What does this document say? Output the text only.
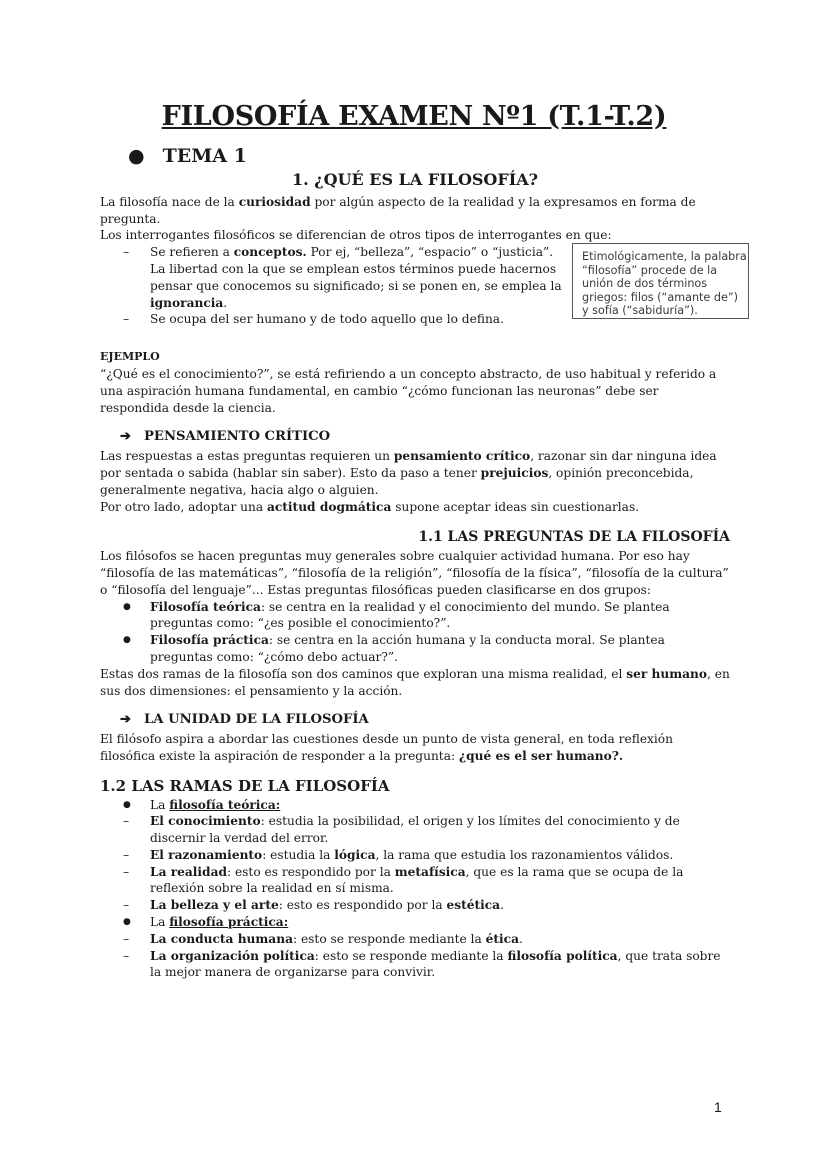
FILOSOFÍA EXAMEN Nº1 (T.1-T.2)
● TEMA 1
Etimológicamente, la palabra “filosofía” procede de la unión de dos términos griegos: filos (“amante de”) y sofía (“sabiduría”).
1. ¿QUÉ ES LA FILOSOFÍA?

La filosofía nace de la curiosidad por algún aspecto de la realidad y la expresamos en forma de pregunta.

Los interrogantes filosóficos se diferencian de otros tipos de interrogantes en que:

– Se refieren a conceptos. Por ej, “belleza”, “espacio” o “justicia”. La libertad con la que se emplean estos términos puede hacernos pensar que conocemos su significado; si se ponen en, se emplea la ignorancia.
– Se ocupa del ser humano y de todo aquello que lo defina.
EJEMPLO

“¿Qué es el conocimiento?”, se está refiriendo a un concepto abstracto, de uso habitual y referido a una aspiración humana fundamental, en cambio “¿cómo funcionan las neuronas” debe ser respondida desde la ciencia.

➔ PENSAMIENTO CRÍTICO

Las respuestas a estas preguntas requieren un pensamiento crítico, razonar sin dar ninguna idea por sentada o sabida (hablar sin saber). Esto da paso a tener prejuicios, opinión preconcebida, generalmente negativa, hacia algo o alguien.

Por otro lado, adoptar una actitud dogmática supone aceptar ideas sin cuestionarlas.

1.1 LAS PREGUNTAS DE LA FILOSOFÍA

Los filósofos se hacen preguntas muy generales sobre cualquier actividad humana. Por eso hay “filosofía de las matemáticas”, “filosofía de la religión”, “filosofía de la física”, “filosofía de la cultura” o “filosofía del lenguaje”... Estas preguntas filosóficas pueden clasificarse en dos grupos:

● Filosofía teórica: se centra en la realidad y el conocimiento del mundo. Se plantea preguntas como: “¿es posible el conocimiento?”.
● Filosofía práctica: se centra en la acción humana y la conducta moral. Se plantea preguntas como: “¿cómo debo actuar?”.

Estas dos ramas de la filosofía son dos caminos que exploran una misma realidad, el ser humano, en sus dos dimensiones: el pensamiento y la acción.

➔ LA UNIDAD DE LA FILOSOFÍA

El filósofo aspira a abordar las cuestiones desde un punto de vista general, en toda reflexión filosófica existe la aspiración de responder a la pregunta: ¿qué es el ser humano?.

1.2 LAS RAMAS DE LA FILOSOFÍA
● La filosofía teórica:
– El conocimiento: estudia la posibilidad, el origen y los límites del conocimiento y de discernir la verdad del error.
– El razonamiento: estudia la lógica, la rama que estudia los razonamientos válidos.
– La realidad: esto es respondido por la metafísica, que es la rama que se ocupa de la reflexión sobre la realidad en sí misma.
– La belleza y el arte: esto es respondido por la estética.
● La filosofía práctica:
– La conducta humana: esto se responde mediante la ética.
– La organización política: esto se responde mediante la filosofía política, que trata sobre la mejor manera de organizarse para convivir.
1
